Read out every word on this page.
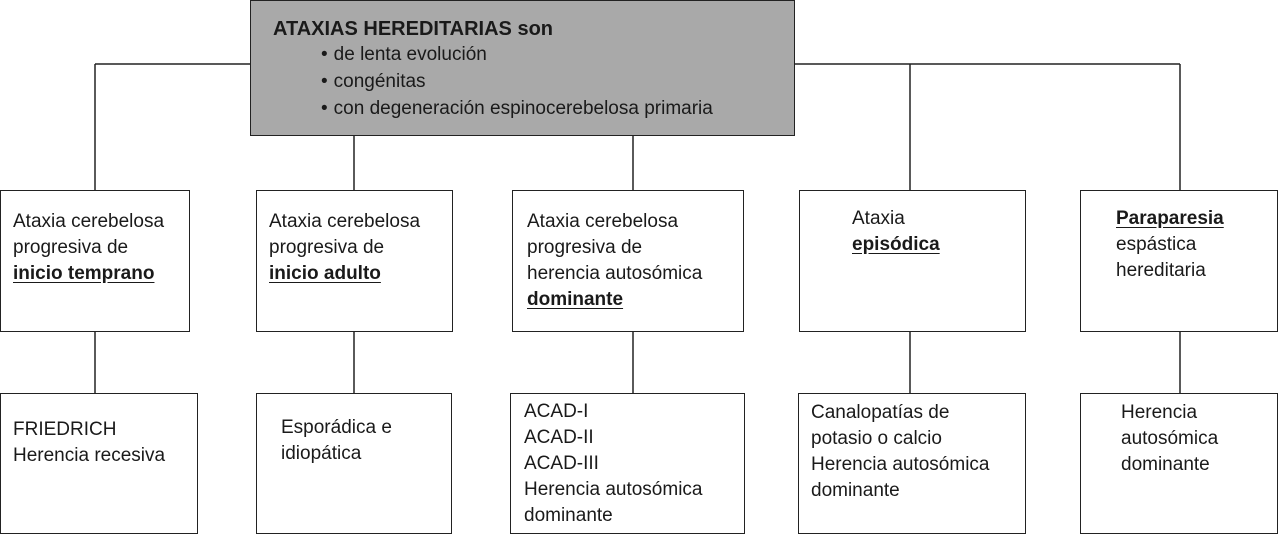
ATAXIAS HEREDITARIAS son
• de lenta evolución
• congénitas
• con degeneración espinocerebelosa primaria
Ataxia cerebelosa
progresiva de
inicio temprano
Ataxia cerebelosa
progresiva de
inicio adulto
Ataxia cerebelosa
progresiva de
herencia autosómica
dominante
Ataxia
episódica
Paraparesia
espástica
hereditaria
FRIEDRICH
Herencia recesiva
Esporádica e
idiopática
ACAD-I
ACAD-II
ACAD-III
Herencia autosómica
dominante
Canalopatías de
potasio o calcio
Herencia autosómica
dominante
Herencia
autosómica
dominante
